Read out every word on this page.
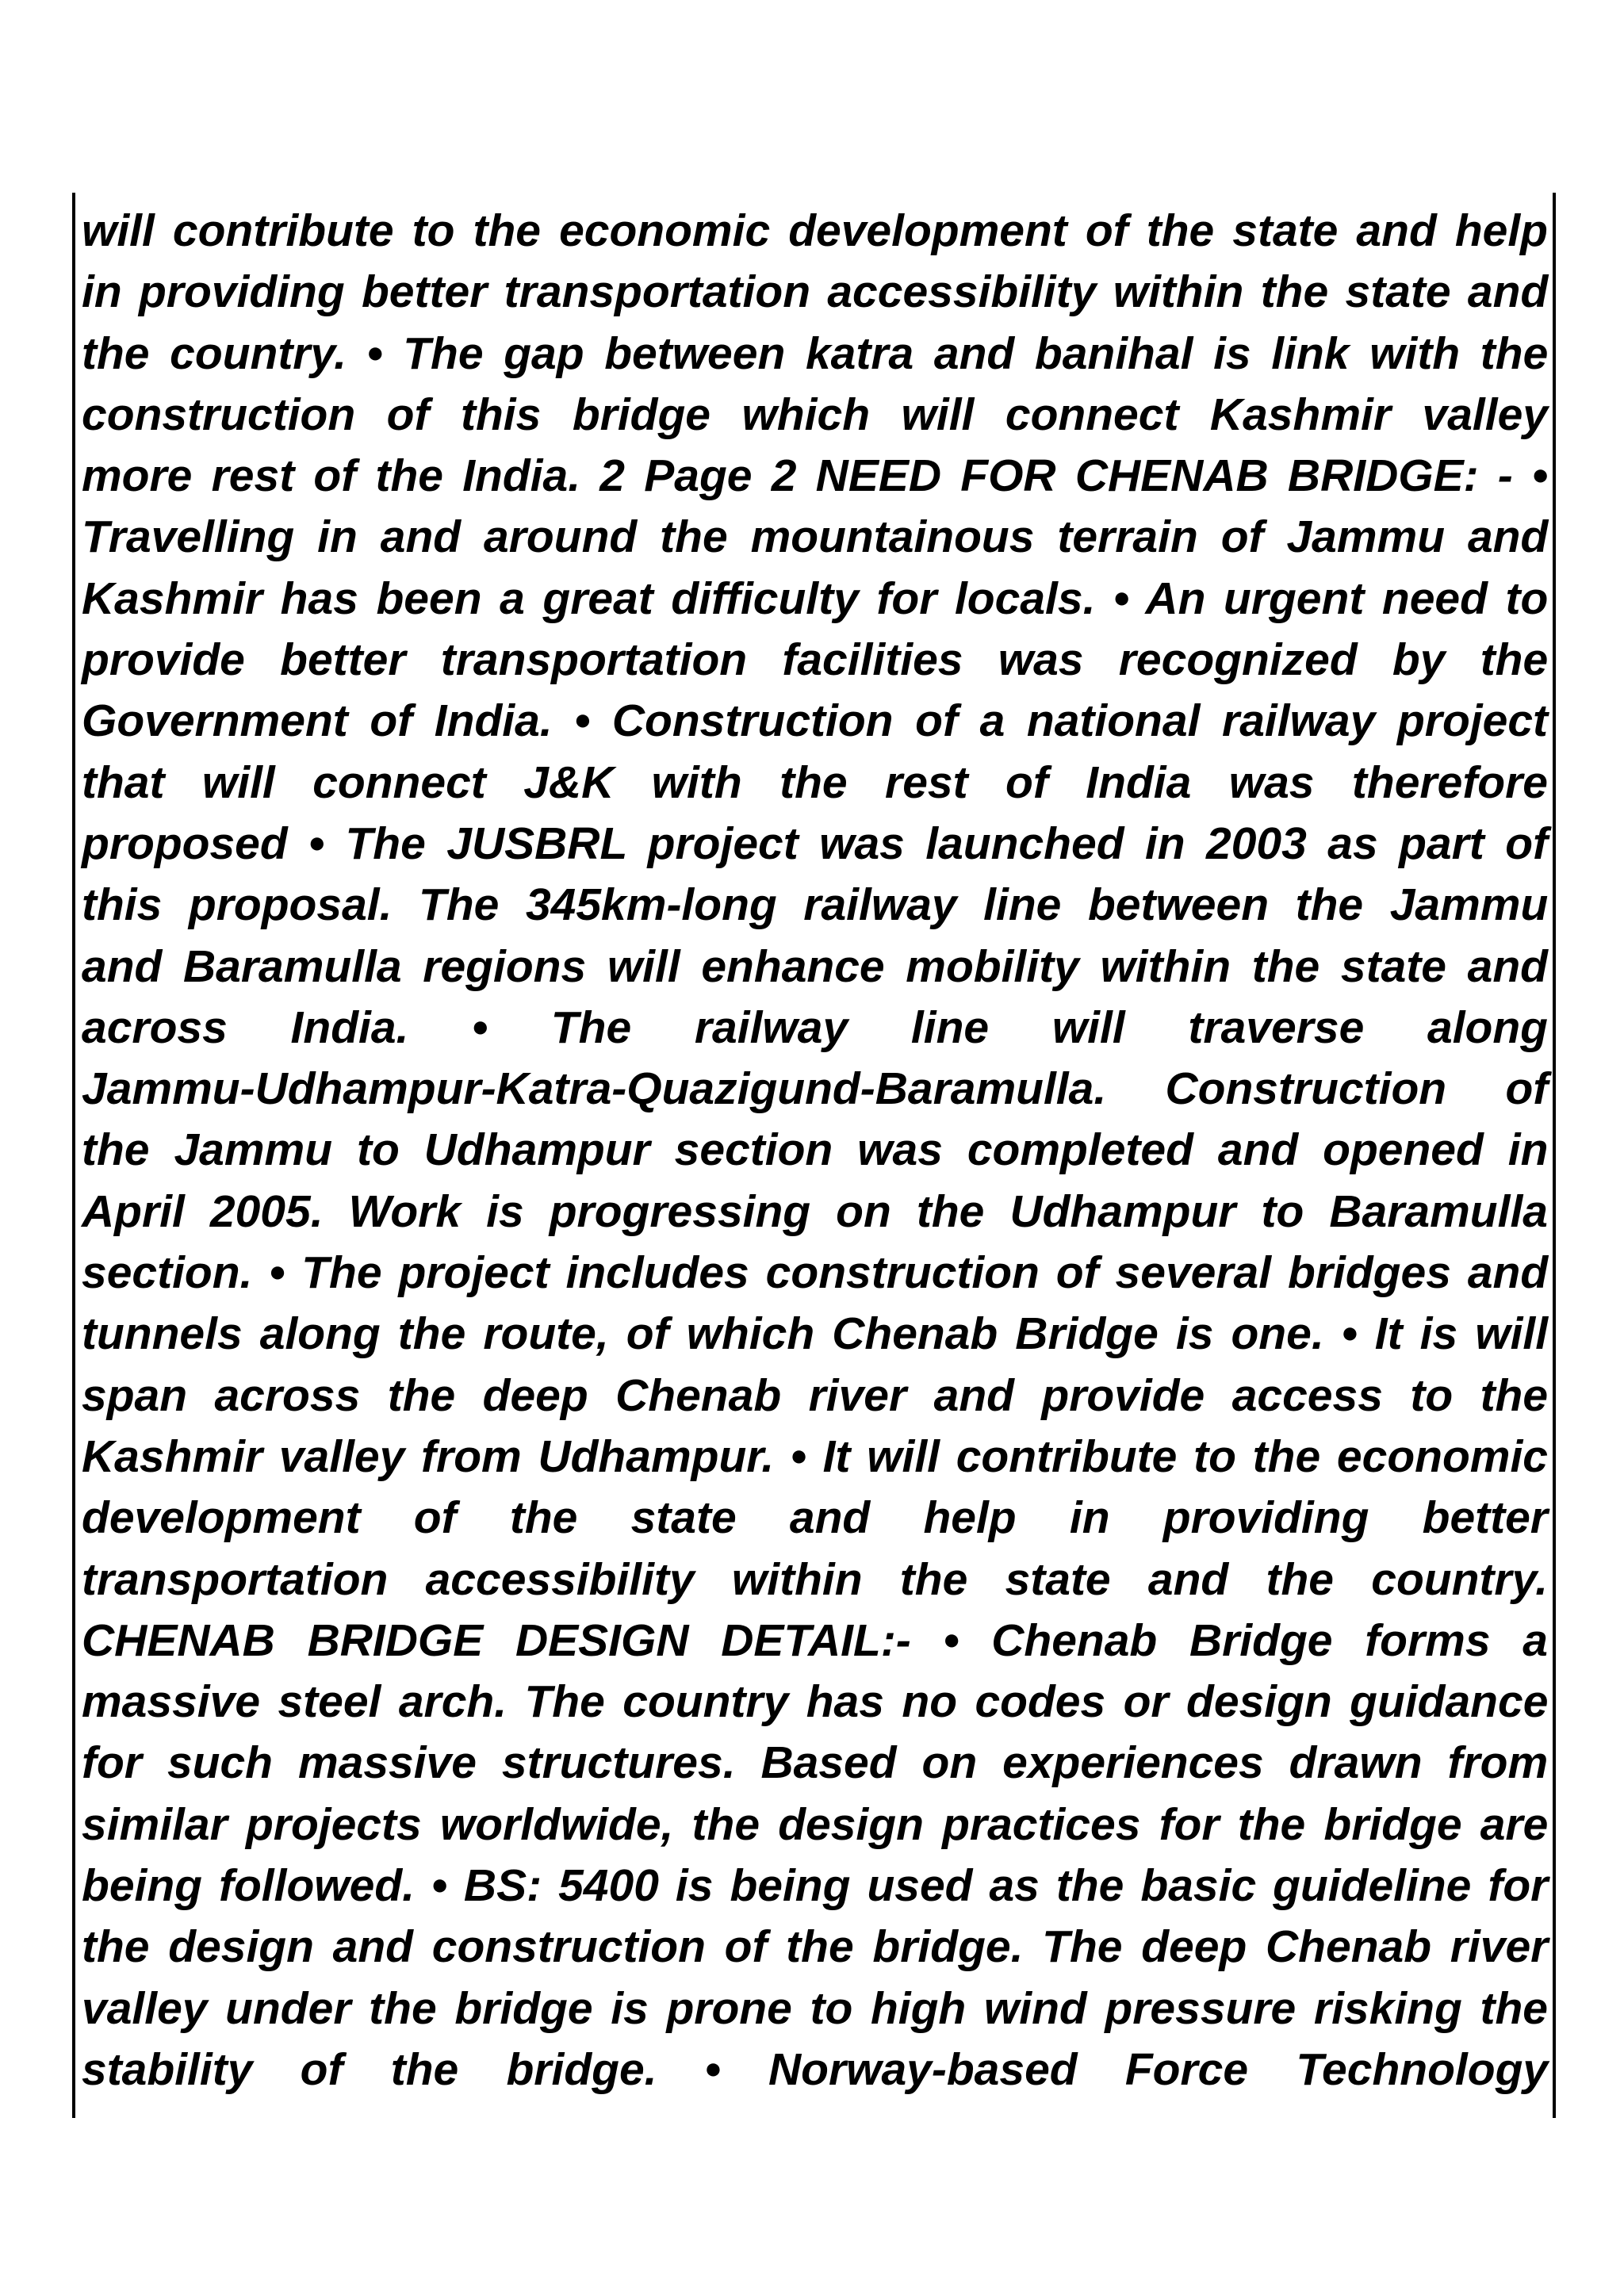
will contribute to the economic development of the state and help
in providing better transportation accessibility within the state and
the country. • The gap between katra and banihal is link with the
construction of this bridge which will connect Kashmir valley
more rest of the India. 2 Page 2 NEED FOR CHENAB BRIDGE: - •
Travelling in and around the mountainous terrain of Jammu and
Kashmir has been a great difficulty for locals. • An urgent need to
provide better transportation facilities was recognized by the
Government of India. • Construction of a national railway project
that will connect J&K with the rest of India was therefore
proposed • The JUSBRL project was launched in 2003 as part of
this proposal. The 345km-long railway line between the Jammu
and Baramulla regions will enhance mobility within the state and
across India. • The railway line will traverse along
Jammu-Udhampur-Katra-Quazigund-Baramulla. Construction of
the Jammu to Udhampur section was completed and opened in
April 2005. Work is progressing on the Udhampur to Baramulla
section. • The project includes construction of several bridges and
tunnels along the route, of which Chenab Bridge is one. • It is will
span across the deep Chenab river and provide access to the
Kashmir valley from Udhampur. • It will contribute to the economic
development of the state and help in providing better
transportation accessibility within the state and the country.
CHENAB BRIDGE DESIGN DETAIL:- • Chenab Bridge forms a
massive steel arch. The country has no codes or design guidance
for such massive structures. Based on experiences drawn from
similar projects worldwide, the design practices for the bridge are
being followed. • BS: 5400 is being used as the basic guideline for
the design and construction of the bridge. The deep Chenab river
valley under the bridge is prone to high wind pressure risking the
stability of the bridge. • Norway-based Force Technology
